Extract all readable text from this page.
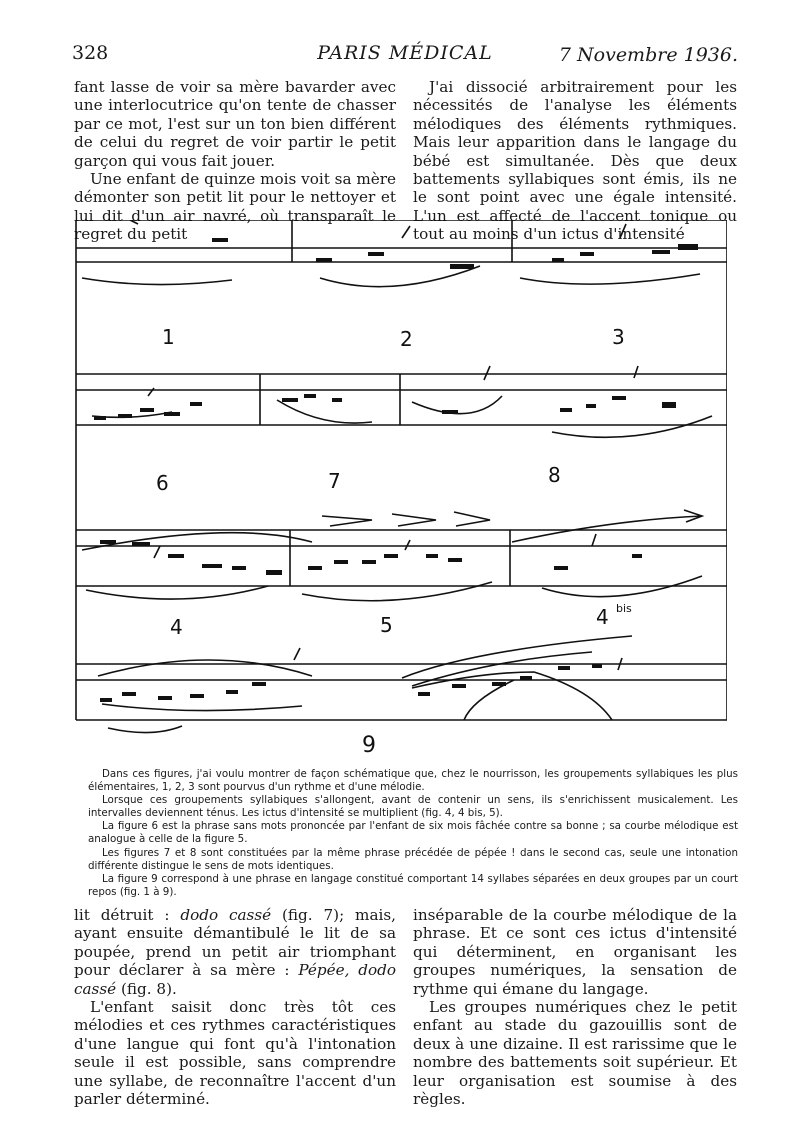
328	PARIS MÉDICAL	7 Novembre 1936.

fant lasse de voir sa mère bavarder avec une interlocutrice qu'on tente de chasser par ce mot, l'est sur un ton bien différent de celui du regret de voir partir le petit garçon qui vous fait jouer.

Une enfant de quinze mois voit sa mère démonter son petit lit pour le nettoyer et lui dit d'un air navré, où transparaît le regret du petit

J'ai dissocié arbitrairement pour les nécessités de l'analyse les éléments mélodiques des éléments rythmiques. Mais leur apparition dans le langage du bébé est simultanée. Dès que deux battements syllabiques sont émis, ils ne le sont point avec une égale intensité. L'un est affecté de l'accent tonique ou tout au moins d'un ictus d'intensité

1	2	3
6	7	8
4	5	4 bis
9

Dans ces figures, j'ai voulu montrer de façon schématique que, chez le nourrisson, les groupements syllabiques les plus élémentaires, 1, 2, 3 sont pourvus d'un rythme et d'une mélodie.

Lorsque ces groupements syllabiques s'allongent, avant de contenir un sens, ils s'enrichissent musicalement. Les intervalles deviennent ténus. Les ictus d'intensité se multiplient (fig. 4, 4 bis, 5).

La figure 6 est la phrase sans mots prononcée par l'enfant de six mois fâchée contre sa bonne ; sa courbe mélodique est analogue à celle de la figure 5.

Les figures 7 et 8 sont constituées par la même phrase précédée de pépée ! dans le second cas, seule une intonation différente distingue le sens de mots identiques.

La figure 9 correspond à une phrase en langage constitué comportant 14 syllabes séparées en deux groupes par un court repos (fig. 1 à 9).

lit détruit : dodo cassé (fig. 7); mais, ayant ensuite démantibulé le lit de sa poupée, prend un petit air triomphant pour déclarer à sa mère : Pépée, dodo cassé (fig. 8).

L'enfant saisit donc très tôt ces mélodies et ces rythmes caractéristiques d'une langue qui font qu'à l'intonation seule il est possible, sans comprendre une syllabe, de reconnaître l'accent d'un parler déterminé.

inséparable de la courbe mélodique de la phrase. Et ce sont ces ictus d'intensité qui déterminent, en organisant les groupes numériques, la sensation de rythme qui émane du langage.

Les groupes numériques chez le petit enfant au stade du gazouillis sont de deux à une dizaine. Il est rarissime que le nombre des battements soit supérieur. Et leur organisation est soumise à des règles.
